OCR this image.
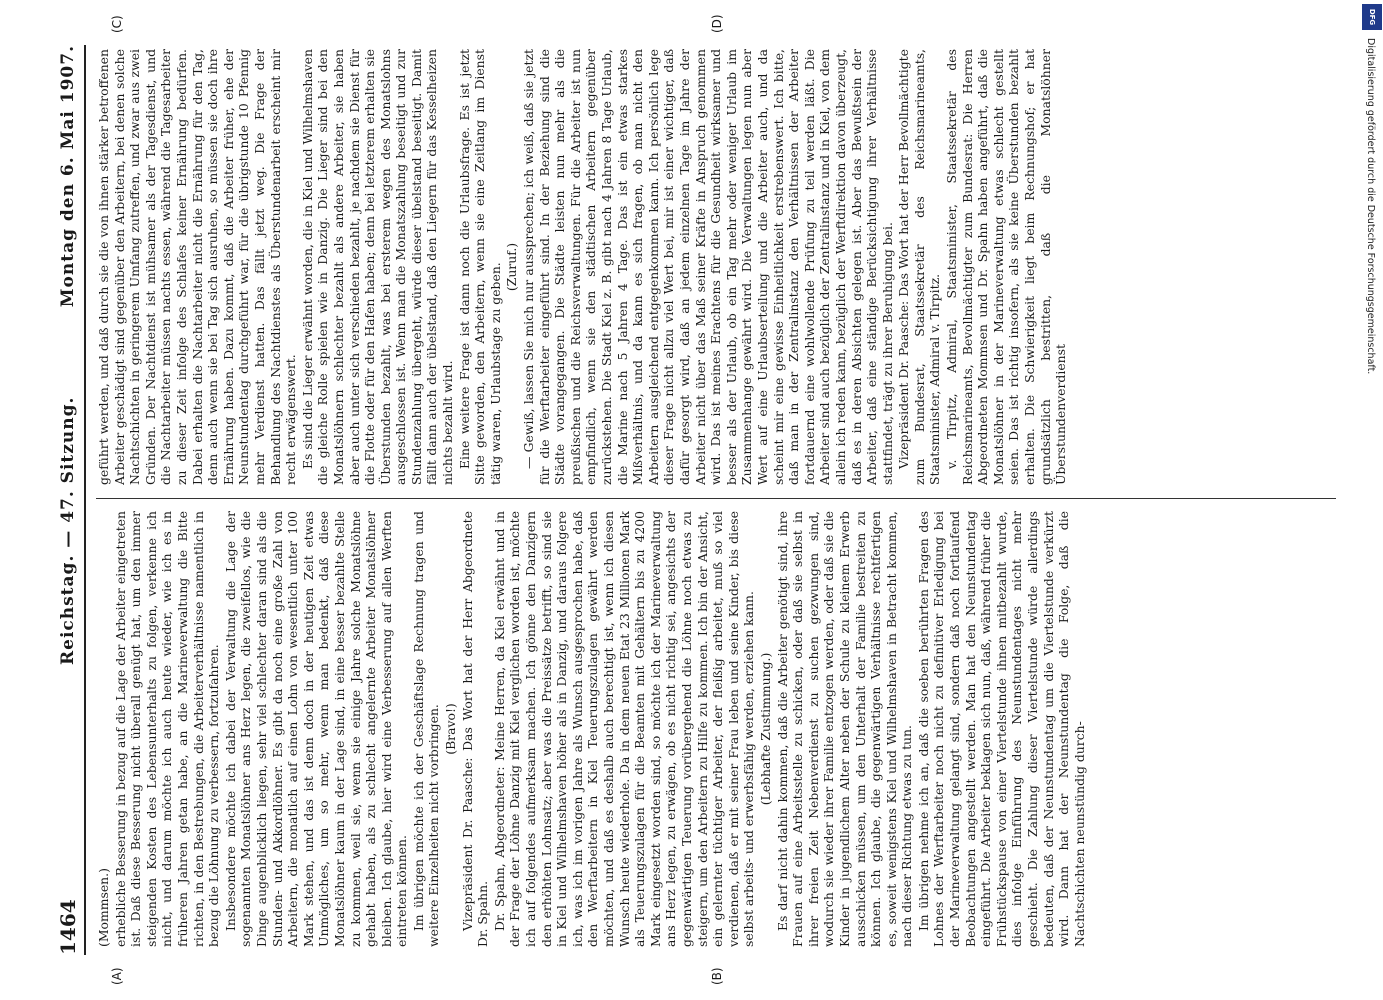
1464
Reichstag. — 47. Sitzung.
Montag den 6. Mai 1907.
(A)	(B)
(C)	(D)

(Mommsen.) erhebliche Besserung in bezug auf die Lage der Arbeiter eingetreten ist. Daß diese Besserung nicht überall genügt hat, um den immer steigenden Kosten des Lebensunterhalts zu folgen, verkenne ich nicht, und darum möchte ich auch heute wieder, wie ich es in früheren Jahren getan habe, an die Marineverwaltung die Bitte richten, in den Bestrebungen, die Arbeiterverhältnisse namentlich in bezug die Löhnung zu verbessern, fortzufahren. Insbesondere möchte ich dabei der Verwaltung die Lage der sogenannten Monatslöhner ans Herz legen, die zweifellos, wie die Dinge augenblicklich liegen, sehr viel schlechter daran sind als die Stunden- und Akkordlöhner. Es gibt da noch eine große Zahl von Arbeitern, die monatlich auf einen Lohn von wesentlich unter 100 Mark stehen, und das ist denn doch in der heutigen Zeit etwas Unmögliches, um so mehr, wenn man bedenkt, daß diese Monatslöhner kaum in der Lage sind, in eine besser bezahlte Stelle zu kommen, weil sie, wenn sie einige Jahre solche Monatslöhne gehabt haben, als zu schlecht angelernte Arbeiter Monatslöhner bleiben. Ich glaube, hier wird eine Verbesserung auf allen Werften eintreten können. Im übrigen möchte ich der Geschäftslage Rechnung tragen und weitere Einzelheiten nicht vorbringen. (Bravo!) Vizepräsident Dr. Paasche: Das Wort hat der Herr Abgeordnete Dr. Spahn. Dr. Spahn, Abgeordneter: Meine Herren, da Kiel erwähnt und in der Frage der Löhne Danzig mit Kiel verglichen worden ist, möchte ich auf folgendes aufmerksam machen. Ich gönne den Danzigern den erhöhten Lohnsatz; aber was die Preissätze betrifft, so sind sie in Kiel und Wilhelmshaven höher als in Danzig, und daraus folgere ich, was ich im vorigen Jahre als Wunsch ausgesprochen habe, daß den Werftarbeitern in Kiel Teuerungszulagen gewährt werden möchten, und daß es deshalb auch berechtigt ist, wenn ich diesen Wunsch heute wiederhole. Da in dem neuen Etat 23 Millionen Mark als Teuerungszulagen für die Beamten mit Gehältern bis zu 4200 Mark eingesetzt worden sind, so möchte ich der Marineverwaltung ans Herz legen, zu erwägen, ob es nicht richtig sei, angesichts der gegenwärtigen Teuerung vorübergehend die Löhne noch etwas zu steigern, um den Arbeitern zu Hilfe zu kommen. Ich bin der Ansicht, ein gelernter tüchtiger Arbeiter, der fleißig arbeitet, muß so viel verdienen, daß er mit seiner Frau leben und seine Kinder, bis diese selbst arbeits- und erwerbsfähig werden, erziehen kann. (Lebhafte Zustimmung.) Es darf nicht dahin kommen, daß die Arbeiter genötigt sind, ihre Frauen auf eine Arbeitsstelle zu schicken, oder daß sie selbst in ihrer freien Zeit Nebenverdienst zu suchen gezwungen sind, wodurch sie wieder ihrer Familie entzogen werden, oder daß sie die Kinder in jugendlichem Alter neben der Schule zu kleinem Erwerb ausschicken müssen, um den Unterhalt der Familie bestreiten zu können. Ich glaube, die gegenwärtigen Verhältnisse rechtfertigen es, soweit wenigstens Kiel und Wilhelmshaven in Betracht kommen, nach dieser Richtung etwas zu tun. Im übrigen nehme ich an, daß die soeben berührten Fragen des Lohnes der Werftarbeiter noch nicht zu definitiver Erledigung bei der Marineverwaltung gelangt sind, sondern daß noch fortlaufend Beobachtungen angestellt werden. Man hat den Neunstundentag eingeführt. Die Arbeiter beklagen sich nun, daß, während früher die Frühstückspause von einer Viertelstunde ihnen mitbezahlt wurde, dies infolge Einführung des Neunstundentages nicht mehr geschieht. Die Zahlung dieser Viertelstunde würde allerdings bedeuten, daß der Neunstundentag um die Viertelstunde verkürzt wird. Dann hat der Neunstundentag die Folge, daß die Nachtschichten neunstündig durch-

geführt werden, und daß durch sie die von ihnen stärker betroffenen Arbeiter geschädigt sind gegenüber den Arbeitern, bei denen solche Nachtschichten in geringerem Umfang zutreffen, und zwar aus zwei Gründen. Der Nachtdienst ist mühsamer als der Tagesdienst, und die Nachtarbeiter müssen nachts essen, während die Tagesarbeiter zu dieser Zeit infolge des Schlafes keiner Ernährung bedürfen. Dabei erhalten die Nachtarbeiter nicht die Ernährung für den Tag, denn auch wenn sie bei Tag sich ausruhen, so müssen sie doch ihre Ernährung haben. Dazu kommt, daß die Arbeiter früher, ehe der Neunstundentag durchgeführt war, für die übrigstunde 10 Pfennig mehr Verdienst hatten. Das fällt jetzt weg. Die Frage der Behandlung des Nachtdienstes als Überstundenarbeit erscheint mir recht erwägenswert. Es sind die Lieger erwähnt worden, die in Kiel und Wilhelmshaven die gleiche Rolle spielen wie in Danzig. Die Lieger sind bei den Monatslöhnern schlechter bezahlt als andere Arbeiter, sie haben aber auch unter sich verschieden bezahlt, je nachdem sie Dienst für die Flotte oder für den Hafen haben; denn bei letzterem erhalten sie Überstunden bezahlt, was bei ersterem wegen des Monatslohns ausgeschlossen ist. Wenn man die Monatszahlung beseitigt und zur Stundenzahlung übergeht, würde dieser übelstand beseitigt. Damit fällt dann auch der übelstand, daß den Liegern für das Kesselheizen nichts bezahlt wird. Eine weitere Frage ist dann noch die Urlaubsfrage. Es ist jetzt Sitte geworden, den Arbeitern, wenn sie eine Zeitlang im Dienst tätig waren, Urlaubstage zu geben. (Zuruf.) — Gewiß, lassen Sie mich nur aussprechen; ich weiß, daß sie jetzt für die Werftarbeiter eingeführt sind. In der Beziehung sind die Städte vorangegangen. Die Städte leisten nun mehr als die preußischen und die Reichsverwaltungen. Für die Arbeiter ist nun empfindlich, wenn sie den städtischen Arbeitern gegenüber zurückstehen. Die Stadt Kiel z. B. gibt nach 4 Jahren 8 Tage Urlaub, die Marine nach 5 Jahren 4 Tage. Das ist ein etwas starkes Mißverhältnis, und da kann es sich fragen, ob man nicht den Arbeitern ausgleichend entgegenkommen kann. Ich persönlich lege dieser Frage nicht allzu viel Wert bei, mir ist einer wichtiger, daß dafür gesorgt wird, daß an jedem einzelnen Tage im Jahre der Arbeiter nicht über das Maß seiner Kräfte in Anspruch genommen wird. Das ist meines Erachtens für die Gesundheit wirksamer und besser als der Urlaub, ob ein Tag mehr oder weniger Urlaub im Zusammenhange gewährt wird. Die Verwaltungen legen nun aber Wert auf eine Urlaubserteilung und die Arbeiter auch, und da scheint mir eine gewisse Einheitlichkeit erstrebenswert. Ich bitte, daß man in der Zentralinstanz den Verhältnissen der Arbeiter fortdauernd eine wohlwollende Prüfung zu teil werden läßt. Die Arbeiter sind auch bezüglich der Zentralinstanz und in Kiel, von dem allein ich reden kann, bezüglich der Werftdirektion davon überzeugt, daß es in deren Absichten gelegen ist. Aber das Bewußtsein der Arbeiter, daß eine ständige Berücksichtigung ihrer Verhältnisse stattfindet, trägt zu ihrer Beruhigung bei. Vizepräsident Dr. Paasche: Das Wort hat der Herr Bevollmächtigte zum Bundesrat, Staatssekretär des Reichsmarineamts, Staatsminister, Admiral v. Tirpitz. v. Tirpitz, Admiral, Staatsminister, Staatssekretär des Reichsmarineamts, Bevollmächtigter zum Bundesrat: Die Herren Abgeordneten Mommsen und Dr. Spahn haben angeführt, daß die Monatslöhner in der Marineverwaltung etwas schlecht gestellt seien. Das ist richtig insofern, als sie keine Überstunden bezahlt erhalten. Die Schwierigkeit liegt beim Rechnungshof; er hat grundsätzlich bestritten, daß die Monatslöhner Überstundenverdienst

DFG
Digitalisierung gefördert durch die Deutsche Forschungsgemeinschaft.
